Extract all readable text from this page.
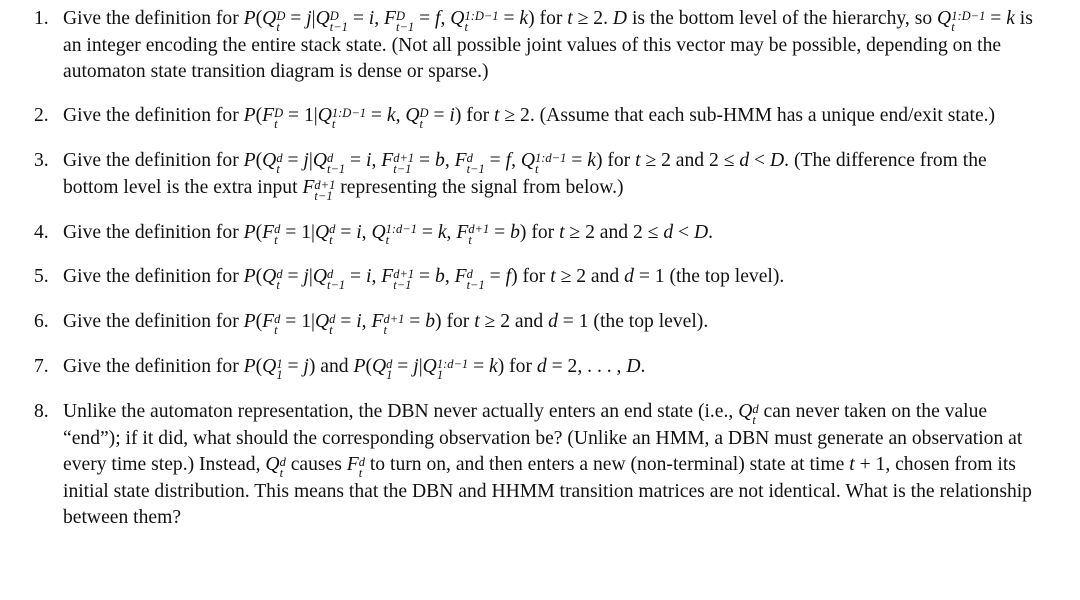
1. Give the definition for P(Q D
t = j|Q D
t−1 = i, F D
t−1 = f, Q 1:D−1
t	= k) for t ≥ 2. D is the bottom level of the hierarchy, so Q 1:D−1
t	= k is an integer encoding the entire stack state. (Not all possible joint values of this vector may be possible, depending on the automaton state transition diagram is dense or sparse.)
2. Give the definition for P(F D
t = 1|Q 1:D−1
t	= k, Q D
t = i) for t ≥ 2. (Assume that each sub-HMM has a unique end/exit state.)
3. Give the definition for P(Q d
t = j|Q d
t−1 = i, F d+1
t−1 = b, F d
t−1 = f, Q 1:d−1
t	= k) for t ≥ 2 and 2 ≤ d < D. (The difference from the bottom level is the extra input F d+1
t−1 representing the signal from below.)
4. Give the definition for P(F d
t = 1|Q d
t = i, Q 1:d−1
t	= k, F d+1
t = b) for t ≥ 2 and 2 ≤ d < D.
5. Give the definition for P(Q d
t = j|Q d
t−1 = i, F d+1
t−1 = b, F d
t−1 = f) for t ≥ 2 and d = 1 (the top level).
6. Give the definition for P(F d
t = 1|Q d
t = i, F d+1
t = b) for t ≥ 2 and d = 1 (the top level).
7. Give the definition for P(Q 1
1 = j) and P(Q d
1 = j|Q 1:d−1
1	= k) for d = 2, . . . , D.
8. Unlike the automaton representation, the DBN never actually enters an end state (i.e., Q d
t can never taken on the value “end”); if it did, what should the corresponding observation be? (Unlike an HMM, a DBN must generate an observation at every time step.) Instead, Q d
t causes F d
t to turn on, and then enters a new (non-terminal) state at time t + 1, chosen from its initial state distribution. This means that the DBN and HHMM transition matrices are not identical. What is the relationship between them?
